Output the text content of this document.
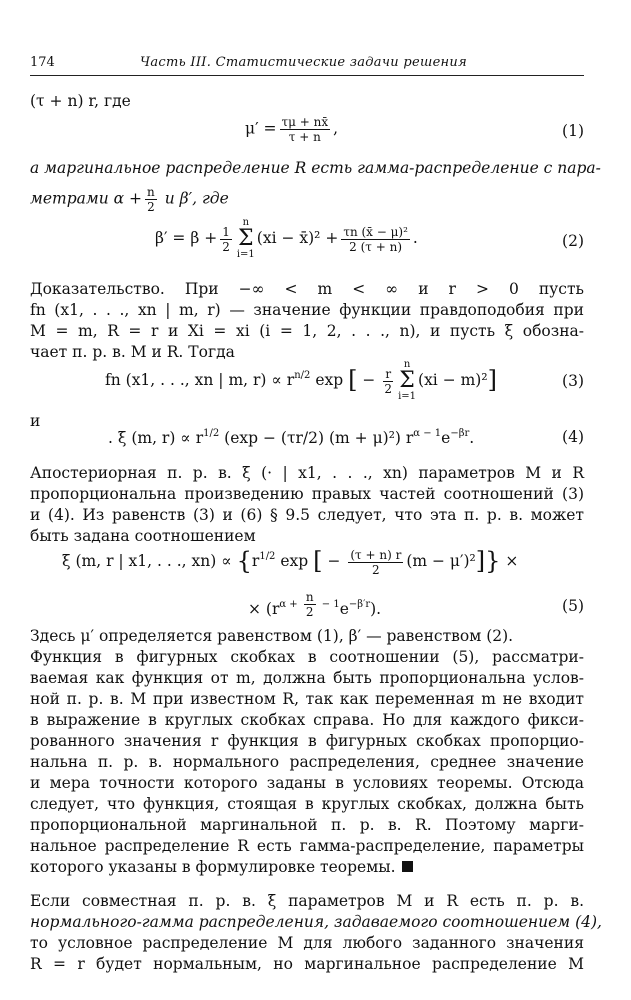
174	Часть III. Статистические задачи решения
(τ + n) r, где
$\mu' = \frac{\tau\mu + nx̄}{\tau + n}$ ,	(1)
а маргинальное распределение R есть гамма-распределение с пара-
метрами $\alpha + \frac{n}{2}$ и β′, где
$\beta' = \beta + \frac{1}{2}$
n
Σ
i=1(xi − x̄)² + $\frac{\text{τn (x̄ − μ)²}}{2 (\tau + n)}$ .	(2)
Доказательство. При −∞ < m < ∞ и r > 0 пусть
fn (x1, . . ., xn | m, r) — значение функции правдоподобия при
M = m, R = r и Xi = xi (i = 1, 2, . . ., n), и пусть ξ обозна-
чает п. р. в. M и R. Тогда
fn (x1, . . ., xn | m, $r) \propto r^{n/2}$ exp [ − $\frac{r}{2}$
n
Σ
i=1(xi − m)²]	(3)
и
. ξ (m, $r) \propto r^{1/2}$ (exp − (τr/2) (m + μ)²) $r^{\alpha - 1}e^{-\beta r}$.	(4)
Апостериорная п. р. в. ξ (· | x1, . . ., xn) параметров M и R
пропорциональна произведению правых частей соотношений (3)
и (4). Из равенств (3) и (6) § 9.5 следует, что эта п. р. в. может
быть задана соотношением
ξ (m, r | x1, . . ., $xn) \propto \{r^{1/2}$ exp [ − $\frac{(\tau + n) r}{2} (m - \mu')^2$]} ×
× $(r^{\alpha + \frac{n}{2} - 1}e^{-\beta'r})$.	(5)
Здесь μ′ определяется равенством (1), β′ — равенством (2).
Функция в фигурных скобках в соотношении (5), рассматри-
ваемая как функция от m, должна быть пропорциональна услов-
ной п. р. в. M при известном R, так как переменная m не входит
в выражение в круглых скобках справа. Но для каждого фикси-
рованного значения r функция в фигурных скобках пропорцио-
нальна п. р. в. нормального распределения, среднее значение
и мера точности которого заданы в условиях теоремы. Отсюда
следует, что функция, стоящая в круглых скобках, должна быть
пропорциональной маргинальной п. р. в. R. Поэтому марги-
нальное распределение R есть гамма-распределение, параметры
которого указаны в формулировке теоремы.
Если совместная п. р. в. ξ параметров M и R есть п. р. в.
нормального-гамма распределения, задаваемого соотношением (4),
то условное распределение M для любого заданного значения
R = r будет нормальным, но маргинальное распределение M
